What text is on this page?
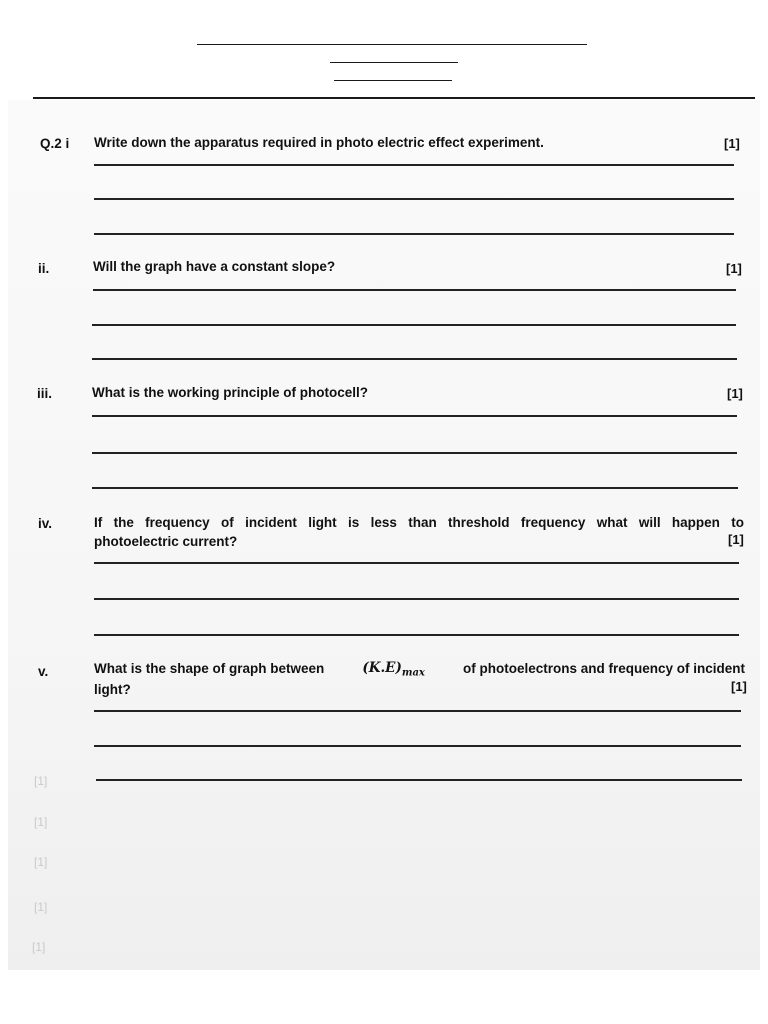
Q.2 i Write down the apparatus required in photo electric effect experiment.	[1]
ii.	Will the graph have a constant slope?	[1]
iii.	What is the working principle of photocell?	[1]
iv.	If the frequency of incident light is less than threshold frequency what will happen to
photoelectric current?	[1]
v.	What is the shape of graph between	$(K.E)_{max}$	of photoelectrons and frequency of incident
light?	[1]
[1]
[1]
[1]
[1]
[1]
